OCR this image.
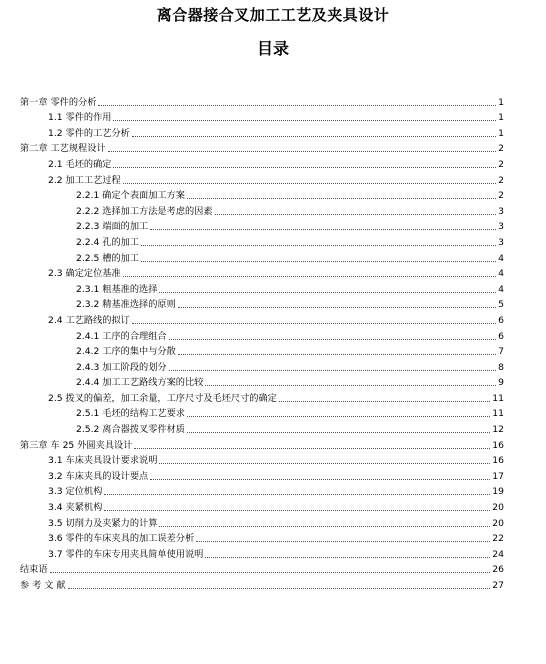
离合器接合叉加工工艺及夹具设计
目录
第一章 零件的分析	1
1.1 零件的作用	1
1.2 零件的工艺分析	1
第二章 工艺规程设计	2
2.1 毛坯的确定	2
2.2 加工工艺过程	2
2.2.1 确定个表面加工方案	2
2.2.2 选择加工方法是考虑的因素	3
2.2.3 端面的加工	3
2.2.4 孔的加工	3
2.2.5 槽的加工	4
2.3 确定定位基准	4
2.3.1 粗基准的选择	4
2.3.2 精基准选择的原则	5
2.4 工艺路线的拟订	6
2.4.1 工序的合理组合	6
2.4.2 工序的集中与分散	7
2.4.3 加工阶段的划分	8
2.4.4 加工工艺路线方案的比较	9
2.5 拨叉的偏差，加工余量，工序尺寸及毛坯尺寸的确定	11
2.5.1 毛坯的结构工艺要求	11
2.5.2 离合器拨叉零件材质	12
第三章 车 25 外圆夹具设计	16
3.1 车床夹具设计要求说明	16
3.2 车床夹具的设计要点	17
3.3 定位机构	19
3.4 夹紧机构	20
3.5 切削力及夹紧力的计算	20
3.6 零件的车床夹具的加工误差分析	22
3.7 零件的车床专用夹具简单使用说明	24
结束语	26
参 考 文 献	27
